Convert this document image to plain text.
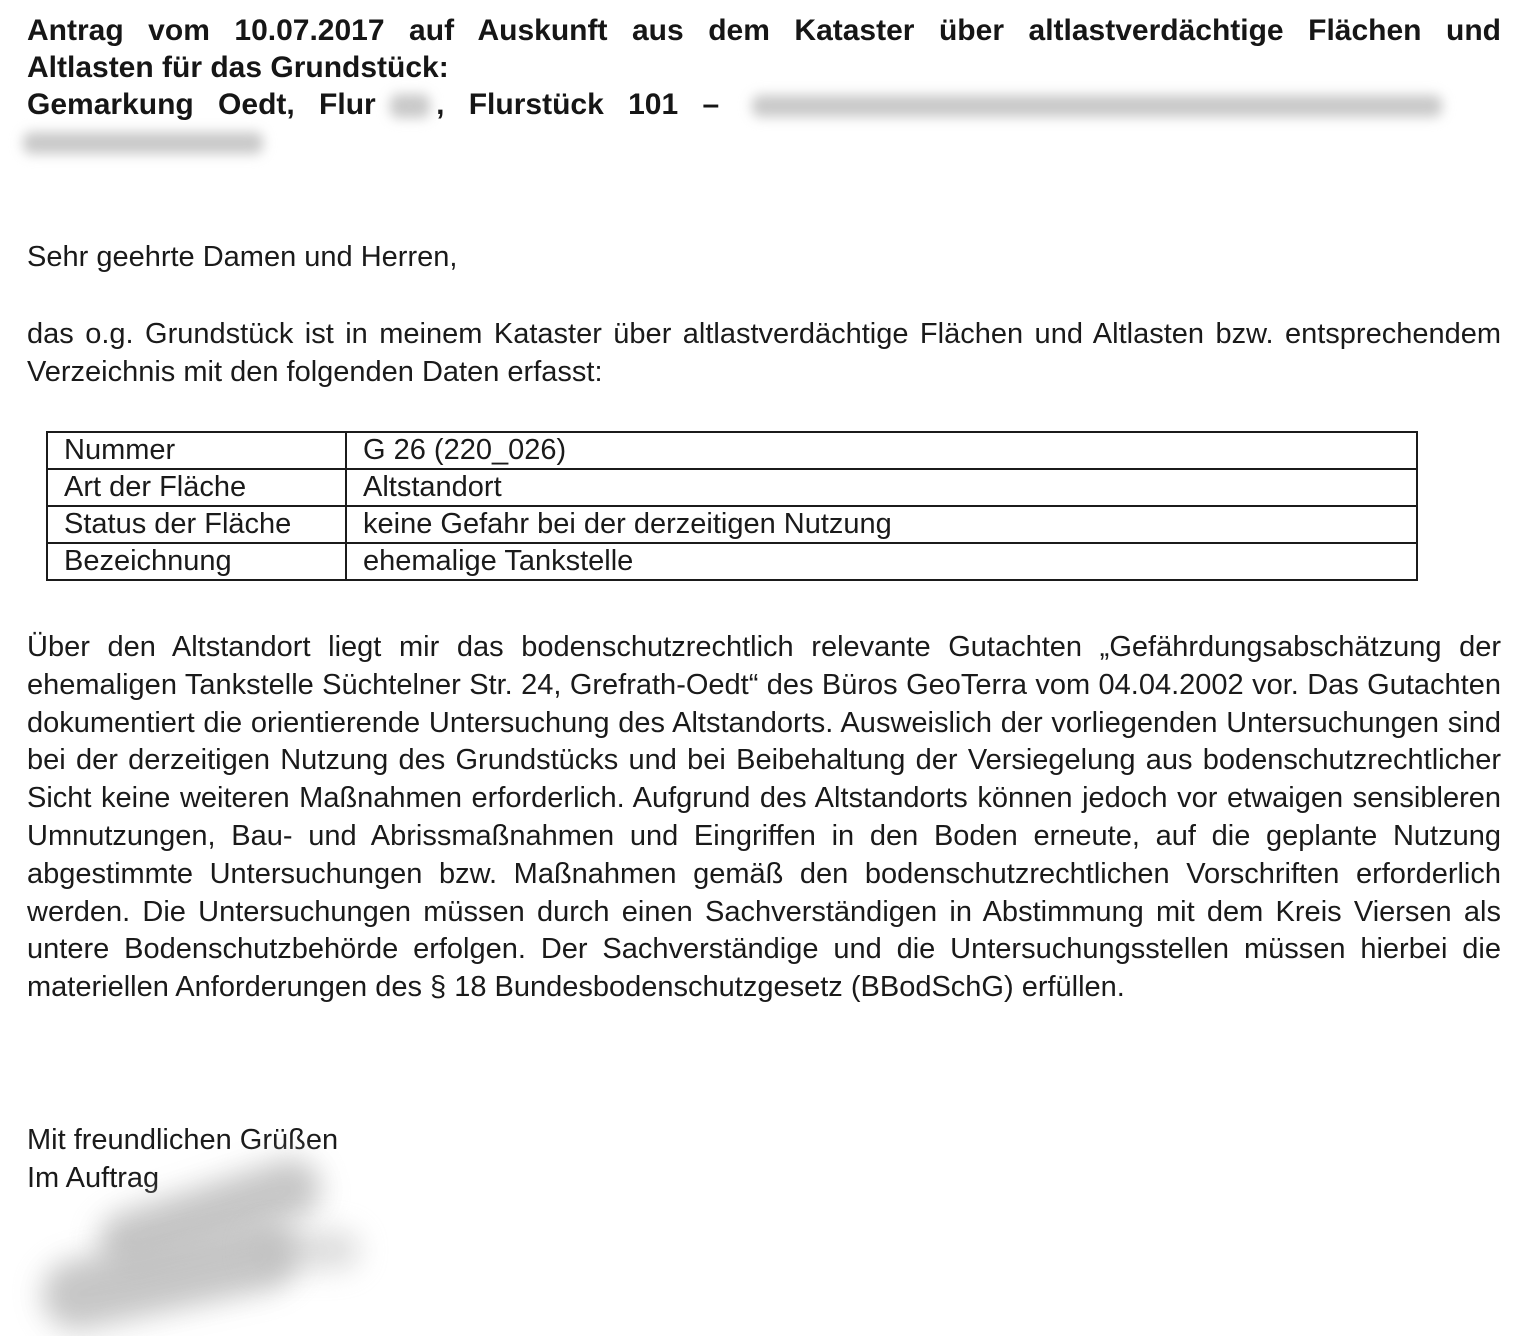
Antrag vom 10.07.2017 auf Auskunft aus dem Kataster über altlastverdächtige Flächen und
Altlasten für das Grundstück:
Gemarkung Oedt, Flur , Flurstück 101 –
Sehr geehrte Damen und Herren,
das o.g. Grundstück ist in meinem Kataster über altlastverdächtige Flächen und Altlasten bzw. entsprechendem Verzeichnis mit den folgenden Daten erfasst:
Nummer	G 26 (220_026)
Art der Fläche	Altstandort
Status der Fläche	keine Gefahr bei der derzeitigen Nutzung
Bezeichnung	ehemalige Tankstelle
Über den Altstandort liegt mir das bodenschutzrechtlich relevante Gutachten „Gefährdungsabschätzung der ehemaligen Tankstelle Süchtelner Str. 24, Grefrath-Oedt“ des Büros GeoTerra vom 04.04.2002 vor. Das Gutachten dokumentiert die orientierende Untersuchung des Altstandorts. Ausweislich der vorliegenden Untersuchungen sind bei der derzeitigen Nutzung des Grundstücks und bei Beibehaltung der Versiegelung aus bodenschutzrechtlicher Sicht keine weiteren Maßnahmen erforderlich. Aufgrund des Altstandorts können jedoch vor etwaigen sensibleren Umnutzungen, Bau- und Abrissmaßnahmen und Eingriffen in den Boden erneute, auf die geplante Nutzung abgestimmte Untersuchungen bzw. Maßnahmen gemäß den bodenschutzrechtlichen Vorschriften erforderlich werden. Die Untersuchungen müssen durch einen Sachverständigen in Abstimmung mit dem Kreis Viersen als untere Bodenschutzbehörde erfolgen. Der Sachverständige und die Untersuchungsstellen müssen hierbei die materiellen Anforderungen des § 18 Bundesbodenschutzgesetz (BBodSchG) erfüllen.
Mit freundlichen Grüßen
Im Auftrag
